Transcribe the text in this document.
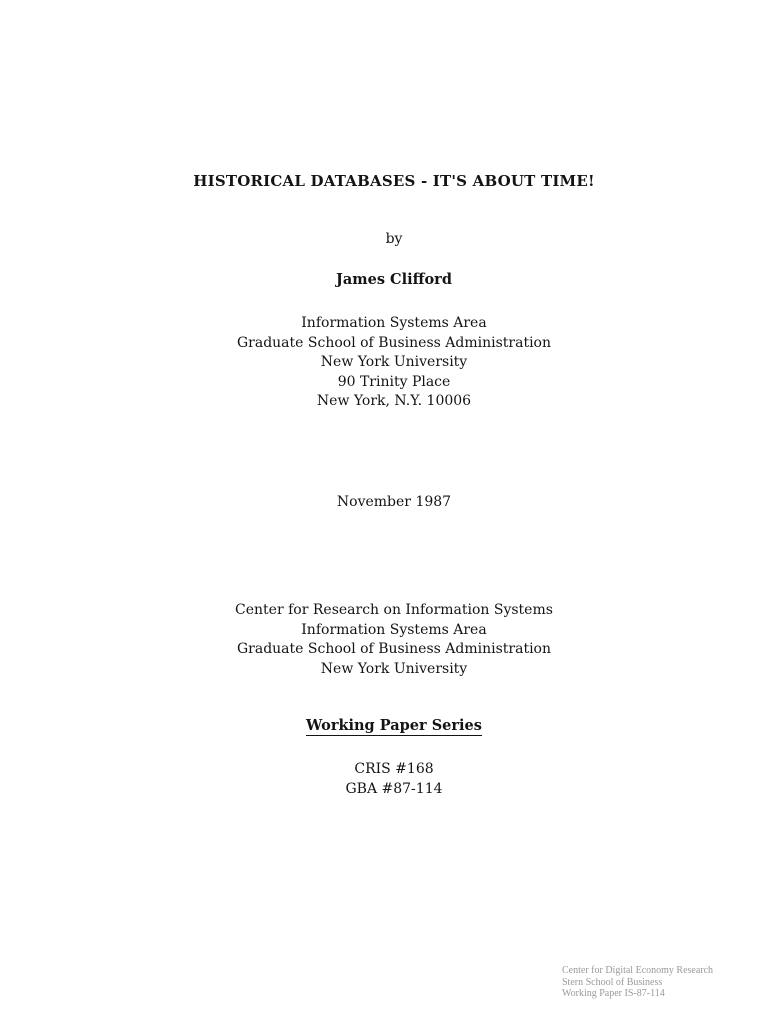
HISTORICAL DATABASES - IT'S ABOUT TIME!
by
James Clifford
Information Systems Area
Graduate School of Business Administration
New York University
90 Trinity Place
New York, N.Y. 10006
November 1987
Center for Research on Information Systems
Information Systems Area
Graduate School of Business Administration
New York University
Working Paper Series
CRIS #168
GBA #87-114
Center for Digital Economy Research
Stern School of Business
Working Paper IS-87-114
